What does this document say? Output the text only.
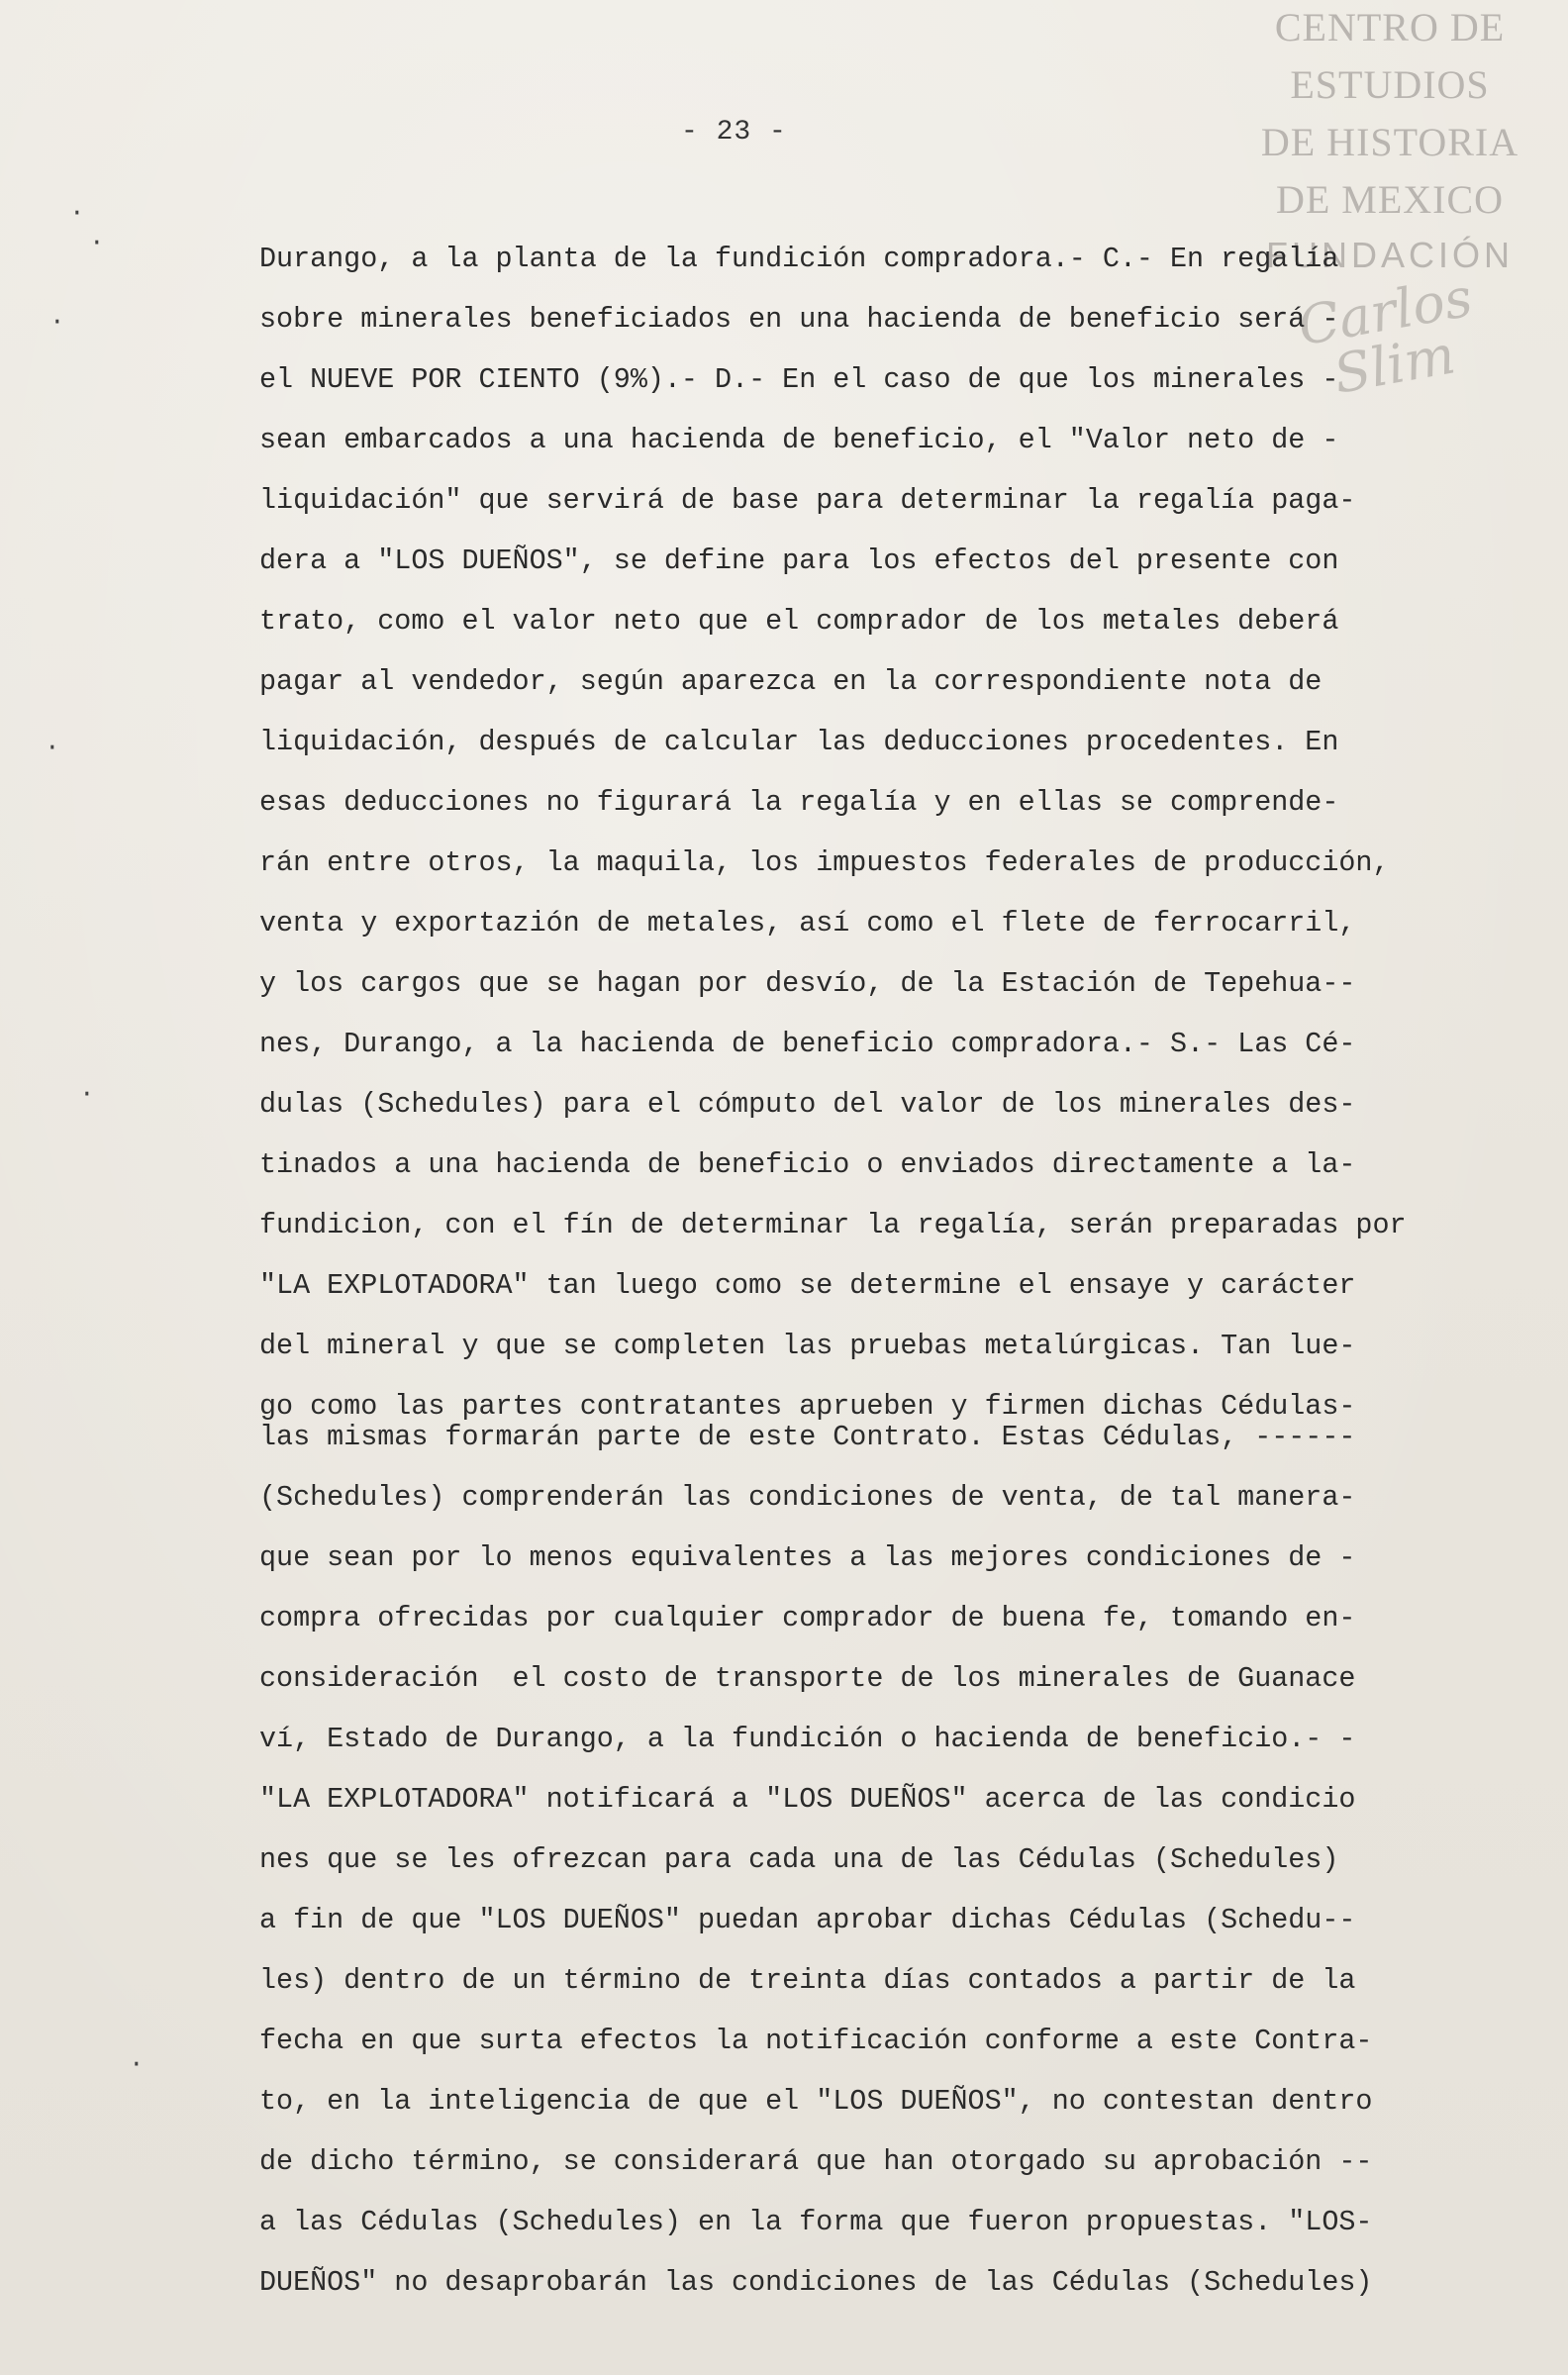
CENTRO DE
ESTUDIOS
DE HISTORIA
DE MEXICO
FUNDACIÓN
Carlos Slim
- 23 -
·
·
·
·
·
·
Durango, a la planta de la fundición compradora.- C.- En regalía
sobre minerales beneficiados en una hacienda de beneficio será -
el NUEVE POR CIENTO (9%).- D.- En el caso de que los minerales -
sean embarcados a una hacienda de beneficio, el "Valor neto de -
liquidación" que servirá de base para determinar la regalía paga-
dera a "LOS DUEÑOS", se define para los efectos del presente con
trato, como el valor neto que el comprador de los metales deberá
pagar al vendedor, según aparezca en la correspondiente nota de
liquidación, después de calcular las deducciones procedentes. En
esas deducciones no figurará la regalía y en ellas se comprende-
rán entre otros, la maquila, los impuestos federales de producción,
venta y exportazión de metales, así como el flete de ferrocarril,
y los cargos que se hagan por desvío, de la Estación de Tepehua--
nes, Durango, a la hacienda de beneficio compradora.- S.- Las Cé-
dulas (Schedules) para el cómputo del valor de los minerales des-
tinados a una hacienda de beneficio o enviados directamente a la-
fundicion, con el fín de determinar la regalía, serán preparadas por
"LA EXPLOTADORA" tan luego como se determine el ensaye y carácter
del mineral y que se completen las pruebas metalúrgicas. Tan lue-
go como las partes contratantes aprueben y firmen dichas Cédulas-
las mismas formarán parte de este Contrato. Estas Cédulas, ------
(Schedules) comprenderán las condiciones de venta, de tal manera-
que sean por lo menos equivalentes a las mejores condiciones de -
compra ofrecidas por cualquier comprador de buena fe, tomando en-
consideración  el costo de transporte de los minerales de Guanace
ví, Estado de Durango, a la fundición o hacienda de beneficio.- -
"LA EXPLOTADORA" notificará a "LOS DUEÑOS" acerca de las condicio
nes que se les ofrezcan para cada una de las Cédulas (Schedules)
a fin de que "LOS DUEÑOS" puedan aprobar dichas Cédulas (Schedu--
les) dentro de un término de treinta días contados a partir de la
fecha en que surta efectos la notificación conforme a este Contra-
to, en la inteligencia de que el "LOS DUEÑOS", no contestan dentro
de dicho término, se considerará que han otorgado su aprobación --
a las Cédulas (Schedules) en la forma que fueron propuestas. "LOS-
DUEÑOS" no desaprobarán las condiciones de las Cédulas (Schedules)
